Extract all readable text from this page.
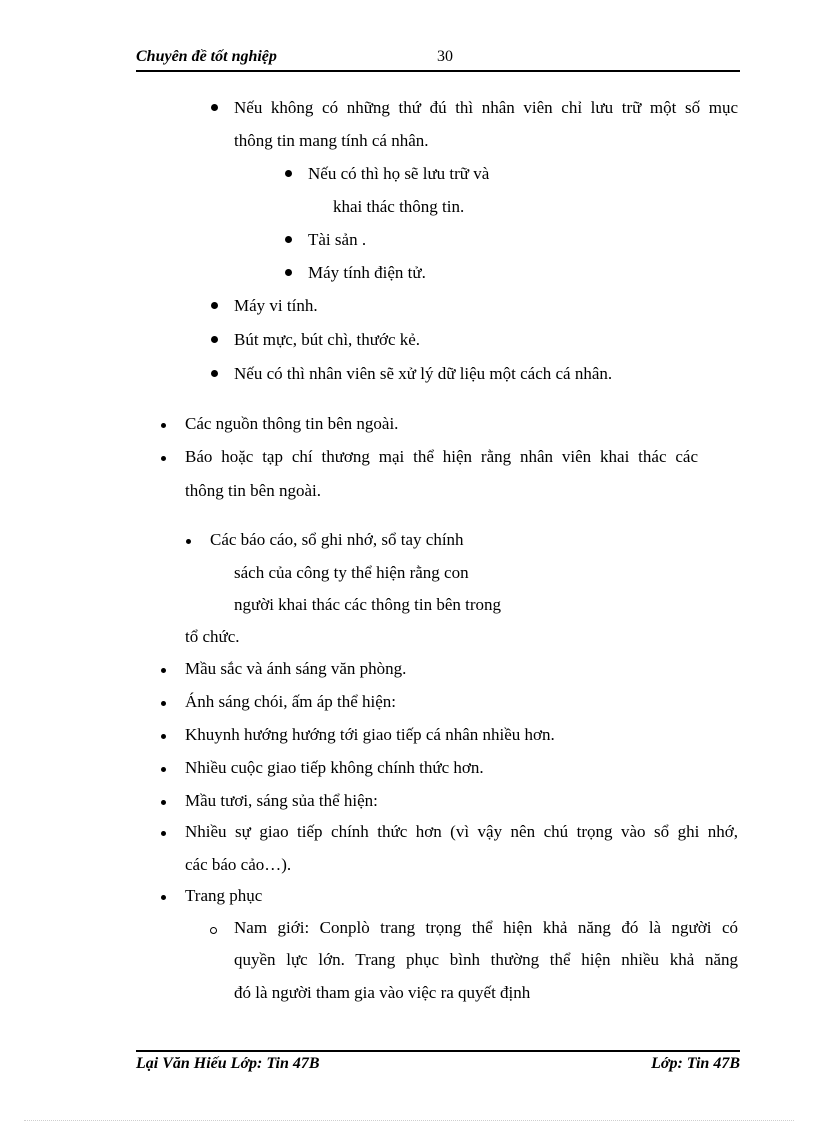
Chuyên đề tốt nghiệp	30
Nếu không có những thứ đú thì nhân viên chỉ lưu trữ một số mục
thông tin mang tính cá nhân.
Nếu có thì họ sẽ lưu trữ và
khai thác thông tin.
Tài sản .
Máy tính điện tử.
Máy vi tính.
Bút mực, bút chì, thước kẻ.
Nếu có thì nhân viên sẽ xử lý dữ liệu một cách cá nhân.
Các nguồn thông tin bên ngoài.
Báo hoặc tạp chí thương mại thể hiện rằng nhân viên khai thác các
thông tin bên ngoài.
Các báo cáo, sổ ghi nhớ, sổ tay chính
sách của công ty thể hiện rằng con
người khai thác các thông tin bên trong
tổ chức.
Mầu sắc và ánh sáng văn phòng.
Ánh sáng chói, ấm áp thể hiện:
Khuynh hướng hướng tới giao tiếp cá nhân nhiều hơn.
Nhiều cuộc giao tiếp không chính thức hơn.
Mầu tươi, sáng sủa thể hiện:
Nhiều sự giao tiếp chính thức hơn (vì vậy nên chú trọng vào sổ ghi nhớ,
các báo cảo…).
Trang phục
Nam giới: Conplò trang trọng thể hiện khả năng đó là người có
quyền lực lớn. Trang phục bình thường thể hiện nhiều khả năng
đó là người tham gia vào việc ra quyết định
Lại Văn Hiếu Lớp: Tin 47B	Lớp: Tin 47B
